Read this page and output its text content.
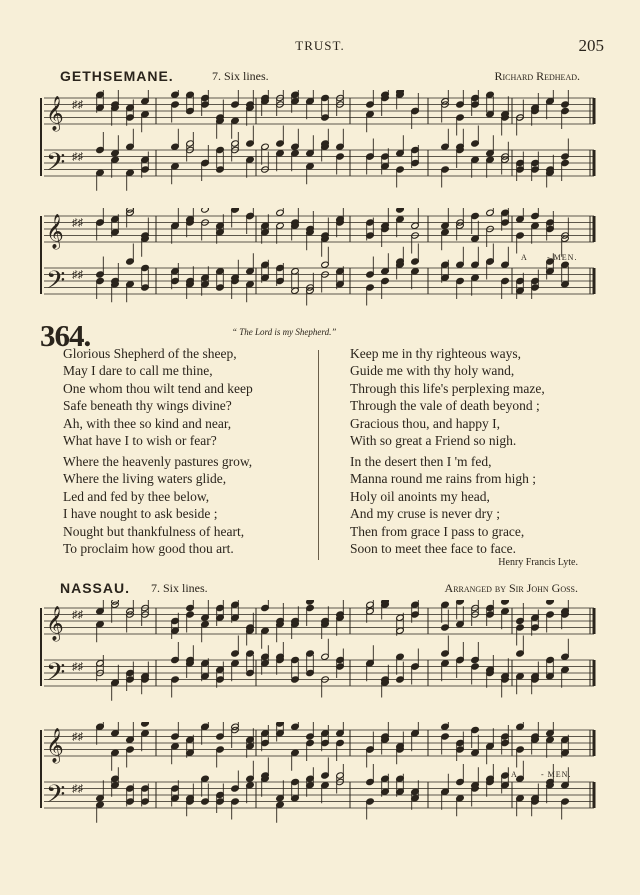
TRUST.	205
GETHSEMANE.	7. Six lines.	Richard Redhead.
𝄞 ♯♯
𝄢 ♯♯
𝄞 ♯♯
𝄢 ♯♯
A - MEN.
364.	“ The Lord is my Shepherd.”
Glorious Shepherd of the sheep,
May I dare to call me thine,
One whom thou wilt tend and keep
Safe beneath thy wings divine?
Ah, with thee so kind and near,
What have I to wish or fear?
Where the heavenly pastures grow,
Where the living waters glide,
Led and fed by thee below,
I have nought to ask beside ;
Nought but thankfulness of heart,
To proclaim how good thou art.
Keep me in thy righteous ways,
Guide me with thy holy wand,
Through this life's perplexing maze,
Through the vale of death beyond ;
Gracious thou, and happy I,
With so great a Friend so nigh.
In the desert then I 'm fed,
Manna round me rains from high ;
Holy oil anoints my head,
And my cruse is never dry ;
Then from grace I pass to grace,
Soon to meet thee face to face.
Henry Francis Lyte.
NASSAU. 7. Six lines.	Arranged by Sir John Goss.
𝄞 ♯♯
𝄢 ♯♯
𝄞 ♯♯
𝄢 ♯♯
A	- MEN.
